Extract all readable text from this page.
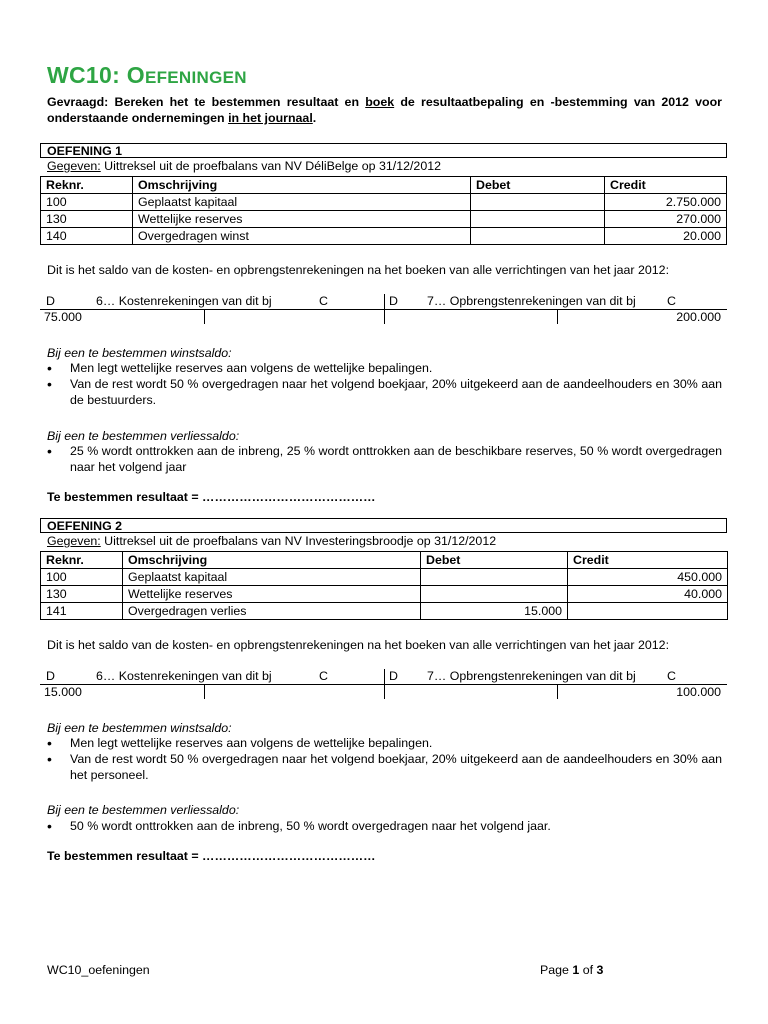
WC10: OEFENINGEN
Gevraagd: Bereken het te bestemmen resultaat en boek de resultaatbepaling en -bestemming van 2012 voor onderstaande ondernemingen in het journaal.
OEFENING 1
Gegeven: Uittreksel uit de proefbalans van NV DéliBelge op 31/12/2012
Reknr.	Omschrijving	Debet	Credit
100	Geplaatst kapitaal		2.750.000
130	Wettelijke reserves		270.000
140	Overgedragen winst		20.000
Dit is het saldo van de kosten- en opbrengstenrekeningen na het boeken van alle verrichtingen van het jaar 2012:
D	6… Kostenrekeningen van dit bj	C	D 7… Opbrengstenrekeningen van dit bj	C
75.000	200.000
Bij een te bestemmen winstsaldo:
• Men legt wettelijke reserves aan volgens de wettelijke bepalingen.
• Van de rest wordt 50 % overgedragen naar het volgend boekjaar, 20% uitgekeerd aan de aandeelhouders en 30% aan de bestuurders.
Bij een te bestemmen verliessaldo:
• 25 % wordt onttrokken aan de inbreng, 25 % wordt onttrokken aan de beschikbare reserves, 50 % wordt overgedragen naar het volgend jaar
Te bestemmen resultaat = ……………………………………
OEFENING 2
Gegeven: Uittreksel uit de proefbalans van NV Investeringsbroodje op 31/12/2012
Reknr.	Omschrijving	Debet	Credit
100	Geplaatst kapitaal		450.000
130	Wettelijke reserves		40.000
141	Overgedragen verlies	15.000	
Dit is het saldo van de kosten- en opbrengstenrekeningen na het boeken van alle verrichtingen van het jaar 2012:
D	6… Kostenrekeningen van dit bj	C	D 7… Opbrengstenrekeningen van dit bj	C
15.000	100.000
Bij een te bestemmen winstsaldo:
• Men legt wettelijke reserves aan volgens de wettelijke bepalingen.
• Van de rest wordt 50 % overgedragen naar het volgend boekjaar, 20% uitgekeerd aan de aandeelhouders en 30% aan het personeel.
Bij een te bestemmen verliessaldo:
• 50 % wordt onttrokken aan de inbreng, 50 % wordt overgedragen naar het volgend jaar.
Te bestemmen resultaat = ……………………………………
WC10_oefeningen	Page 1 of 3
